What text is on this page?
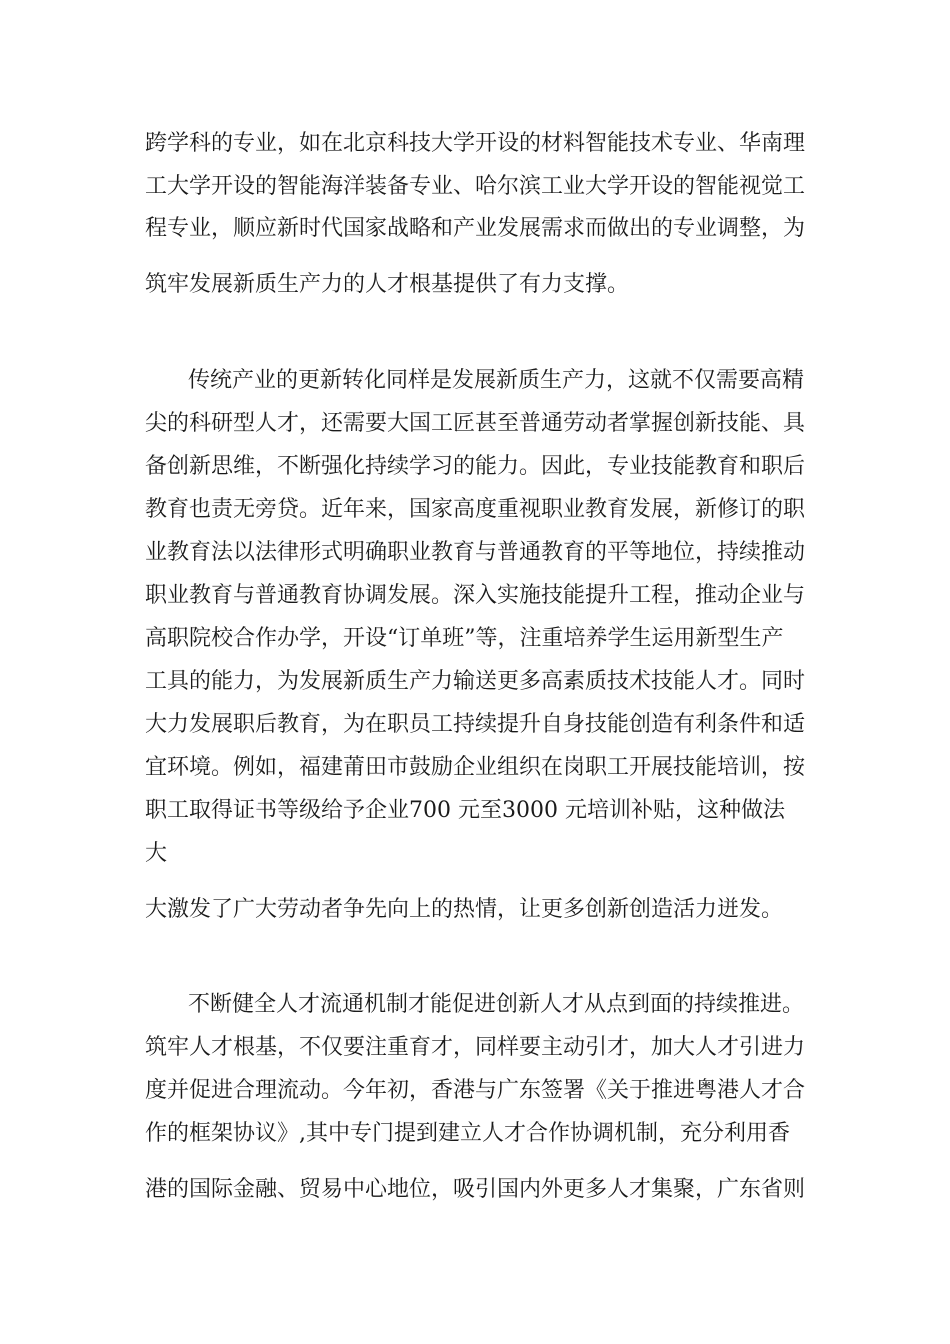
跨学科的专业，如在北京科技大学开设的材料智能技术专业、华南理
工大学开设的智能海洋装备专业、哈尔滨工业大学开设的智能视觉工
程专业，顺应新时代国家战略和产业发展需求而做出的专业调整，为
筑牢发展新质生产力的人才根基提供了有力支撑。
传统产业的更新转化同样是发展新质生产力，这就不仅需要高精
尖的科研型人才，还需要大国工匠甚至普通劳动者掌握创新技能、具
备创新思维，不断强化持续学习的能力。因此，专业技能教育和职后
教育也责无旁贷。近年来，国家高度重视职业教育发展，新修订的职
业教育法以法律形式明确职业教育与普通教育的平等地位，持续推动
职业教育与普通教育协调发展。深入实施技能提升工程，推动企业与
高职院校合作办学，开设“订单班”等，注重培养学生运用新型生产
工具的能力，为发展新质生产力输送更多高素质技术技能人才。同时
大力发展职后教育，为在职员工持续提升自身技能创造有利条件和适
宜环境。例如，福建莆田市鼓励企业组织在岗职工开展技能培训，按
职工取得证书等级给予企业700 元至3000 元培训补贴，这种做法
大
大激发了广大劳动者争先向上的热情，让更多创新创造活力迸发。
不断健全人才流通机制才能促进创新人才从点到面的持续推进。
筑牢人才根基，不仅要注重育才，同样要主动引才，加大人才引进力
度并促进合理流动。今年初，香港与广东签署《关于推进粤港人才合
作的框架协议》,其中专门提到建立人才合作协调机制，充分利用香
港的国际金融、贸易中心地位，吸引国内外更多人才集聚，广东省则
